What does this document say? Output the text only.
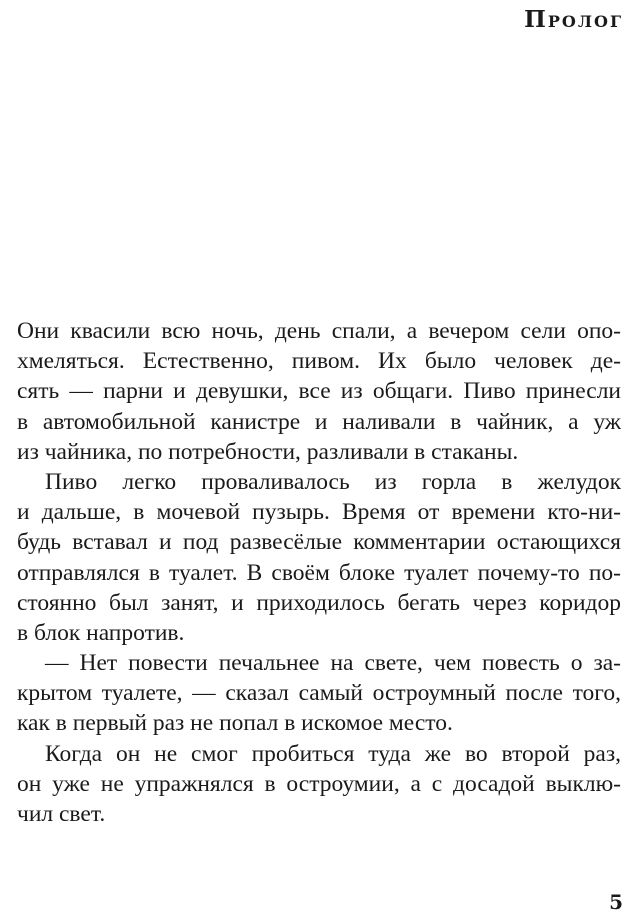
Пролог

Они квасили всю ночь, день спали, а вечером сели опо-
хмеляться. Естественно, пивом. Их было человек де-
сять — парни и девушки, все из общаги. Пиво принесли
в автомобильной канистре и наливали в чайник, а уж
из чайника, по потребности, разливали в стаканы.

Пиво легко проваливалось из горла в желудок
и дальше, в мочевой пузырь. Время от времени кто-ни-
будь вставал и под развесёлые комментарии остающихся
отправлялся в туалет. В своём блоке туалет почему-то по-
стоянно был занят, и приходилось бегать через коридор
в блок напротив.

— Нет повести печальнее на свете, чем повесть о за-
крытом туалете, — сказал самый остроумный после того,
как в первый раз не попал в искомое место.

Когда он не смог пробиться туда же во второй раз,
он уже не упражнялся в остроумии, а с досадой выклю-
чил свет.

5
